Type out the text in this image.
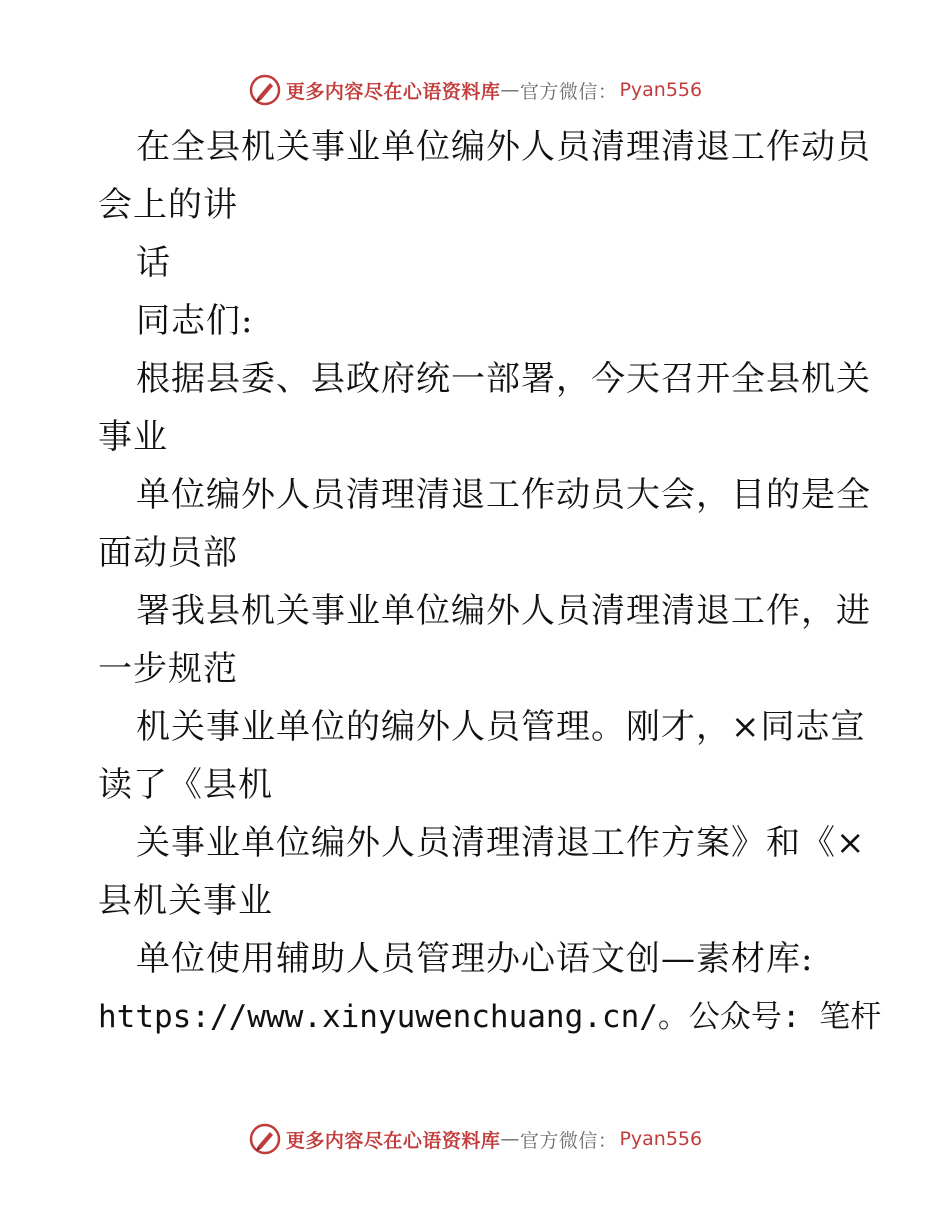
更多内容尽在心语资料库 — 官方微信： Pyan556
在全县机关事业单位编外人员清理清退工作动员
会上的讲
话
同志们:
根据县委、县政府统一部署，今天召开全县机关
事业
单位编外人员清理清退工作动员大会，目的是全
面动员部
署我县机关事业单位编外人员清理清退工作，进
一步规范
机关事业单位的编外人员管理。刚才，×同志宣
读了《县机
关事业单位编外人员清理清退工作方案》和《×
县机关事业
单位使用辅助人员管理办心语文创—素材库:
https://www.xinyuwenchuang.cn/。公众号: 笔杆
更多内容尽在心语资料库 — 官方微信： Pyan556
